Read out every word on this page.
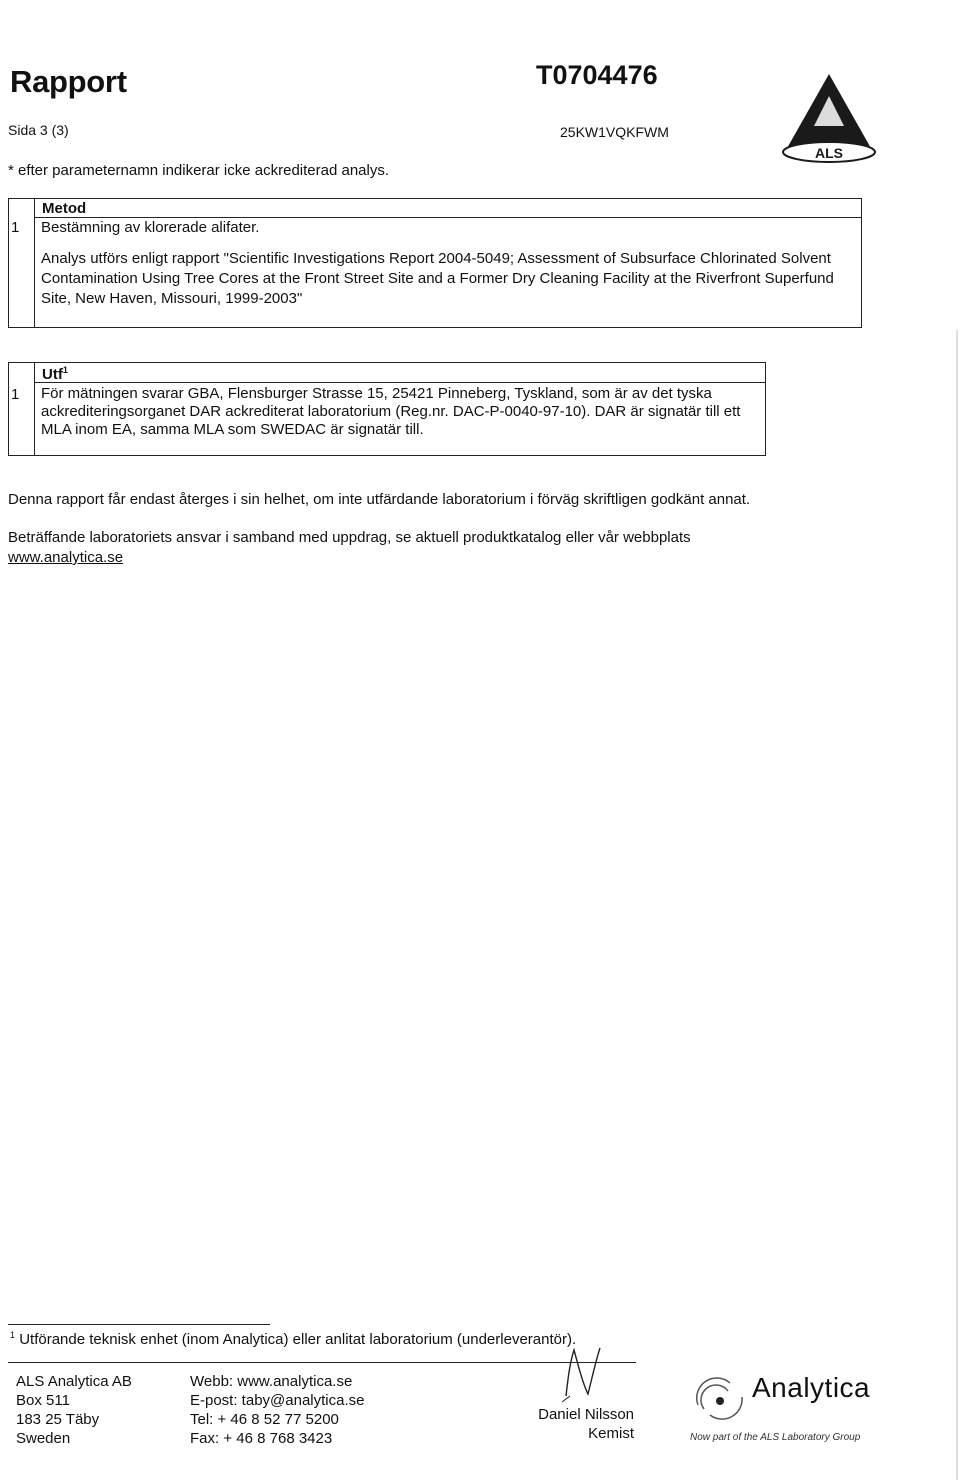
Rapport
Sida 3 (3)
T0704476
25KW1VQKFWM
ALS
* efter parameternamn indikerar icke ackrediterad analys.
Metod
1	Bestämning av klorerade alifater.
Analys utförs enligt rapport "Scientific Investigations Report 2004-5049; Assessment of Subsurface Chlorinated Solvent Contamination Using Tree Cores at the Front Street Site and a Former Dry Cleaning Facility at the Riverfront Superfund Site, New Haven, Missouri, 1999-2003"
Utf$^1$
1	För mätningen svarar GBA, Flensburger Strasse 15, 25421 Pinneberg, Tyskland, som är av det tyska ackrediteringsorganet DAR ackrediterat laboratorium (Reg.nr. DAC-P-0040-97-10). DAR är signatär till ett MLA inom EA, samma MLA som SWEDAC är signatär till.
Denna rapport får endast återges i sin helhet, om inte utfärdande laboratorium i förväg skriftligen godkänt annat.
Beträffande laboratoriets ansvar i samband med uppdrag, se aktuell produktkatalog eller vår webbplats
www.analytica.se
$^1$ Utförande teknisk enhet (inom Analytica) eller anlitat laboratorium (underleverantör).
ALS Analytica AB
Box 511
183 25 Täby
Sweden
Webb: www.analytica.se
E-post: taby@analytica.se
Tel: + 46 8 52 77 5200
Fax: + 46 8 768 3423
Daniel Nilsson
Kemist
Analytica
Now part of the ALS Laboratory Group
